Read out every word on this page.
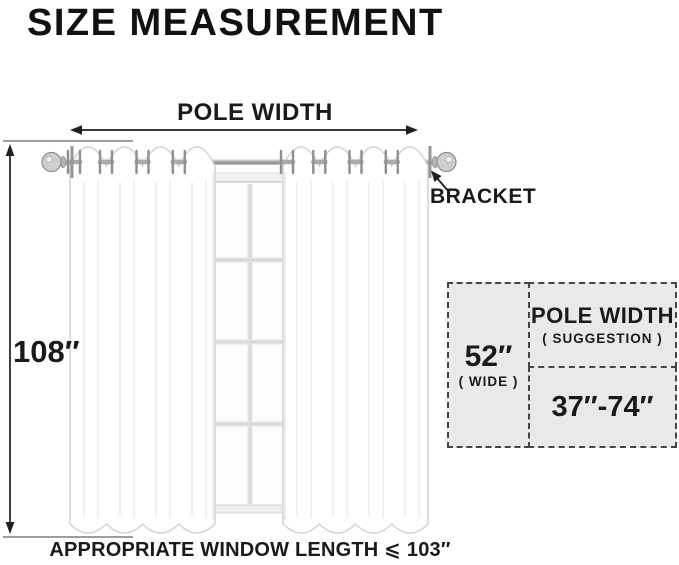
SIZE MEASUREMENT
POLE WIDTH
BRACKET
108″
APPROPRIATE WINDOW LENGTH ⩽ 103″
52″
( WIDE )
POLE WIDTH
( SUGGESTION )
37″-74″
